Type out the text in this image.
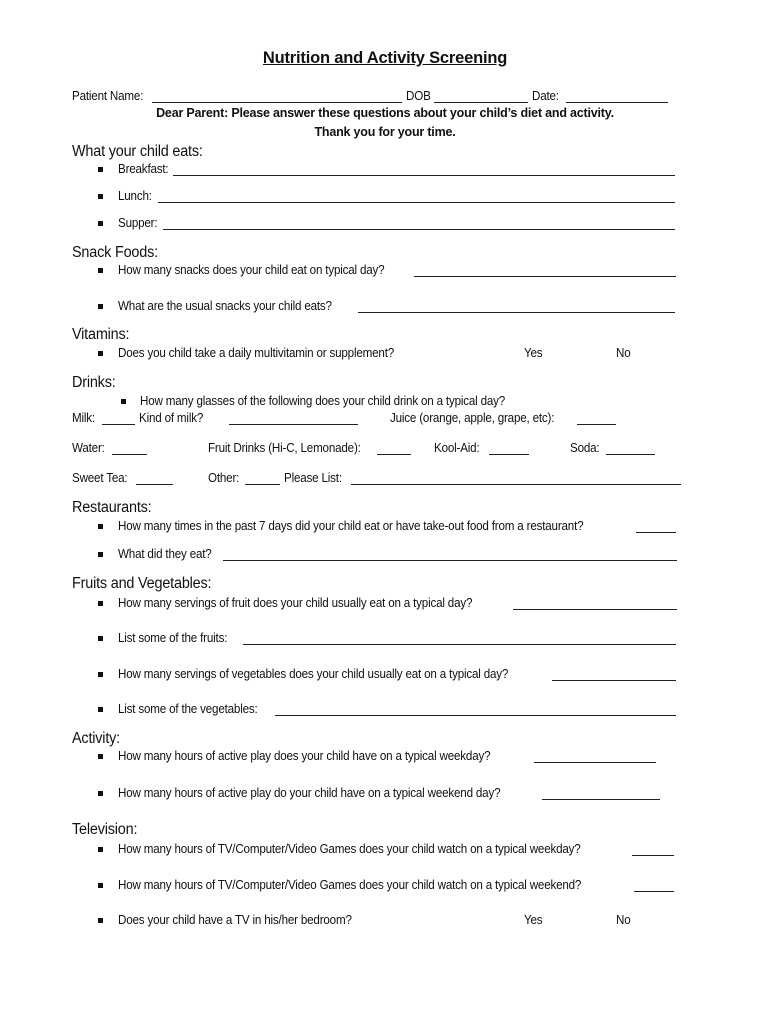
Nutrition and Activity Screening
Patient Name:	DOB	Date:
Dear Parent: Please answer these questions about your child’s diet and activity.
Thank you for your time.
What your child eats:
Breakfast:
Lunch:
Supper:
Snack Foods:
How many snacks does your child eat on typical day?
What are the usual snacks your child eats?
Vitamins:
Does you child take a daily multivitamin or supplement?	Yes	No
Drinks:
How many glasses of the following does your child drink on a typical day?
Milk:	Kind of milk?	Juice (orange, apple, grape, etc):
Water:	Fruit Drinks (Hi-C, Lemonade):	Kool-Aid:	Soda:
Sweet Tea:	Other:	Please List:
Restaurants:
How many times in the past 7 days did your child eat or have take-out food from a restaurant?
What did they eat?
Fruits and Vegetables:
How many servings of fruit does your child usually eat on a typical day?
List some of the fruits:
How many servings of vegetables does your child usually eat on a typical day?
List some of the vegetables:
Activity:
How many hours of active play does your child have on a typical weekday?
How many hours of active play do your child have on a typical weekend day?
Television:
How many hours of TV/Computer/Video Games does your child watch on a typical weekday?
How many hours of TV/Computer/Video Games does your child watch on a typical weekend?
Does your child have a TV in his/her bedroom?	Yes	No
